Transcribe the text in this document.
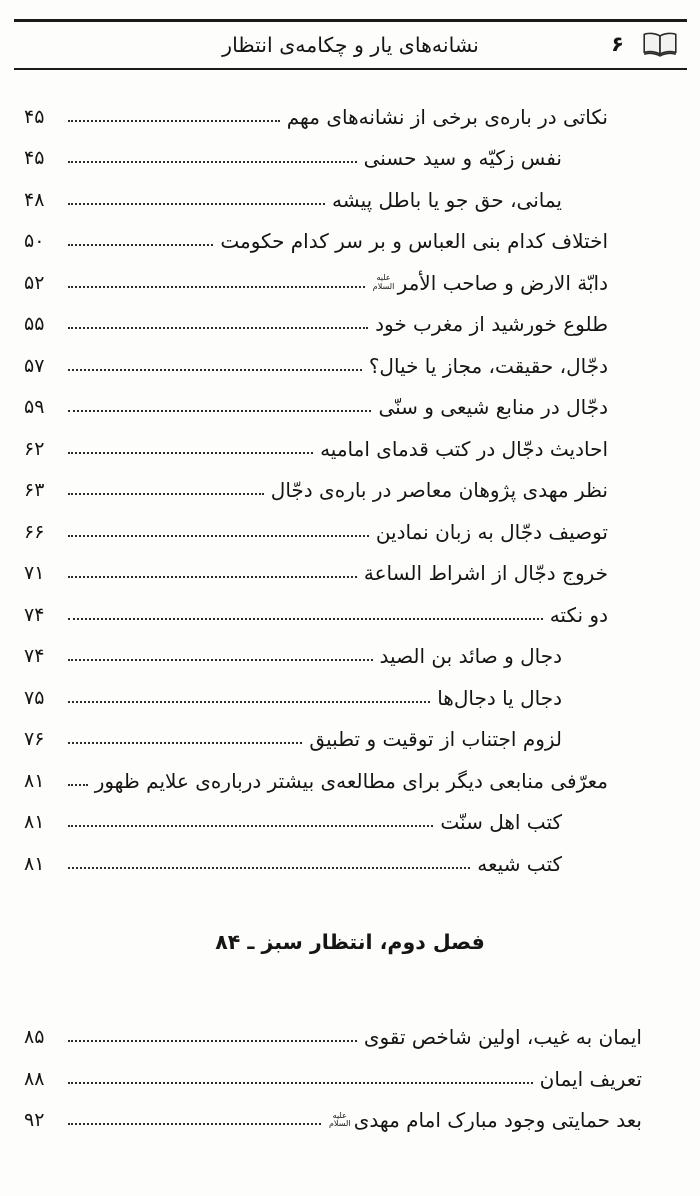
۶
نشانه‌های یار و چکامه‌ی انتظار
نکاتی در باره‌ی برخی از نشانه‌های مهم
۴۵
نفس زکیّه و سید حسنی
۴۵
یمانی، حق جو یا باطل پیشه
۴۸
اختلاف کدام بنی العباس و بر سر کدام حکومت
۵۰
دابّة الارض و صاحب الأمر
علیه السلام
۵۲
طلوع خورشید از مغرب خود
۵۵
دجّال، حقیقت، مجاز یا خیال؟
۵۷
دجّال در منابع شیعی و سنّی
۵۹
احادیث دجّال در کتب قدمای امامیه
۶۲
نظر مهدی پژوهان معاصر در باره‌ی دجّال
۶۳
توصیف دجّال به زبان نمادین
۶۶
خروج دجّال از اشراط الساعة
۷۱
دو نکته
۷۴
دجال و صائد بن الصید
۷۴
دجال یا دجال‌ها
۷۵
لزوم اجتناب از توقیت و تطبیق
۷۶
معرّفی منابعی دیگر برای مطالعه‌ی بیشتر درباره‌ی علایم ظهور
۸۱
کتب اهل سنّت
۸۱
کتب شیعه
۸۱
فصل دوم، انتظار سبز ـ ۸۴
ایمان به غیب، اولین شاخص تقوی
۸۵
تعریف ایمان
۸۸
بعد حمایتی وجود مبارک امام مهدی
علیه السلام
۹۲
